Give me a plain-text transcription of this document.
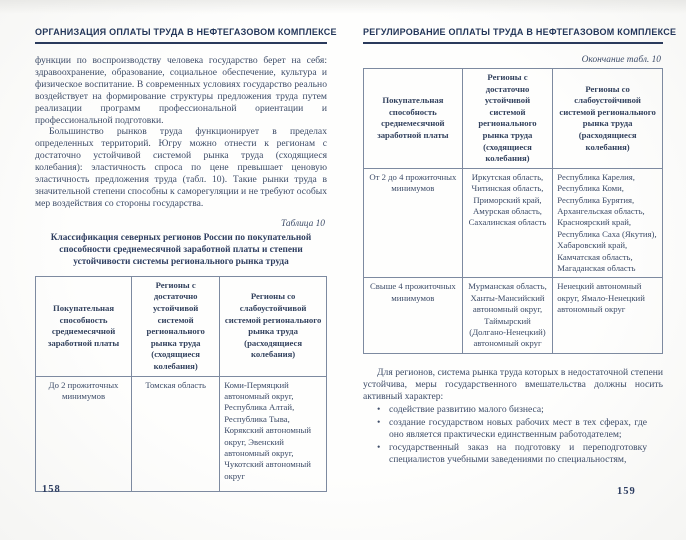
ОРГАНИЗАЦИЯ ОПЛАТЫ ТРУДА В НЕФТЕГАЗОВОМ КОМПЛЕКСЕ

функции по воспроизводству человека государство берет на себя: здравоохранение, образование, социальное обеспечение, культура и физическое воспитание. В современных условиях государство реально воздействует на формирование структуры предложения труда путем реализации программ профессиональной ориентации и профессиональной подготовки.

Большинство рынков труда функционирует в пределах определенных территорий. Югру можно отнести к регионам с достаточно устойчивой системой рынка труда (сходящиеся колебания): эластичность спроса по цене превышает ценовую эластичность предложения труда (табл. 10). Такие рынки труда в значительной степени способны к саморегуляции и не требуют особых мер воздействия со стороны государства.

Таблица 10
Классификация северных регионов России по покупательной способности среднемесячной заработной платы и степени устойчивости системы регионального рынка труда
Покупательная способность среднемесячной заработной платы	Регионы с достаточно устойчивой системой регионального рынка труда (сходящиеся колебания)	Регионы со слабоустойчивой системой регионального рынка труда (расходящиеся колебания)
До 2 прожиточных минимумов	Томская область	Коми-Пермяцкий автономный округ, Республика Алтай, Республика Тыва, Корякский автономный округ, Эвенский автономный округ, Чукотский автономный округ
РЕГУЛИРОВАНИЕ ОПЛАТЫ ТРУДА В НЕФТЕГАЗОВОМ КОМПЛЕКСЕ
Окончание табл. 10
Покупательная способность среднемесячной заработной платы	Регионы с достаточно устойчивой системой регионального рынка труда (сходящиеся колебания)	Регионы со слабоустойчивой системой регионального рынка труда (расходящиеся колебания)
От 2 до 4 прожиточных минимумов	Иркутская область, Читинская область, Приморский край, Амурская область, Сахалинская область	Республика Карелия, Республика Коми, Республика Бурятия, Архангельская область, Красноярский край, Республика Саха (Якутия), Хабаровский край, Камчатская область, Магаданская область
Свыше 4 прожиточных минимумов	Мурманская область, Ханты-Мансийский автономный округ, Таймырский (Долгано-Ненецкий) автономный округ	Ненецкий автономный округ, Ямало-Ненецкий автономный округ

Для регионов, система рынка труда которых в недостаточной степени устойчива, меры государственного вмешательства должны носить активный характер:

• содействие развитию малого бизнеса;
• создание государством новых рабочих мест в тех сферах, где оно является практически единственным работодателем;
• государственный заказ на подготовку и переподготовку специалистов учебными заведениями по специальностям,
158	159
